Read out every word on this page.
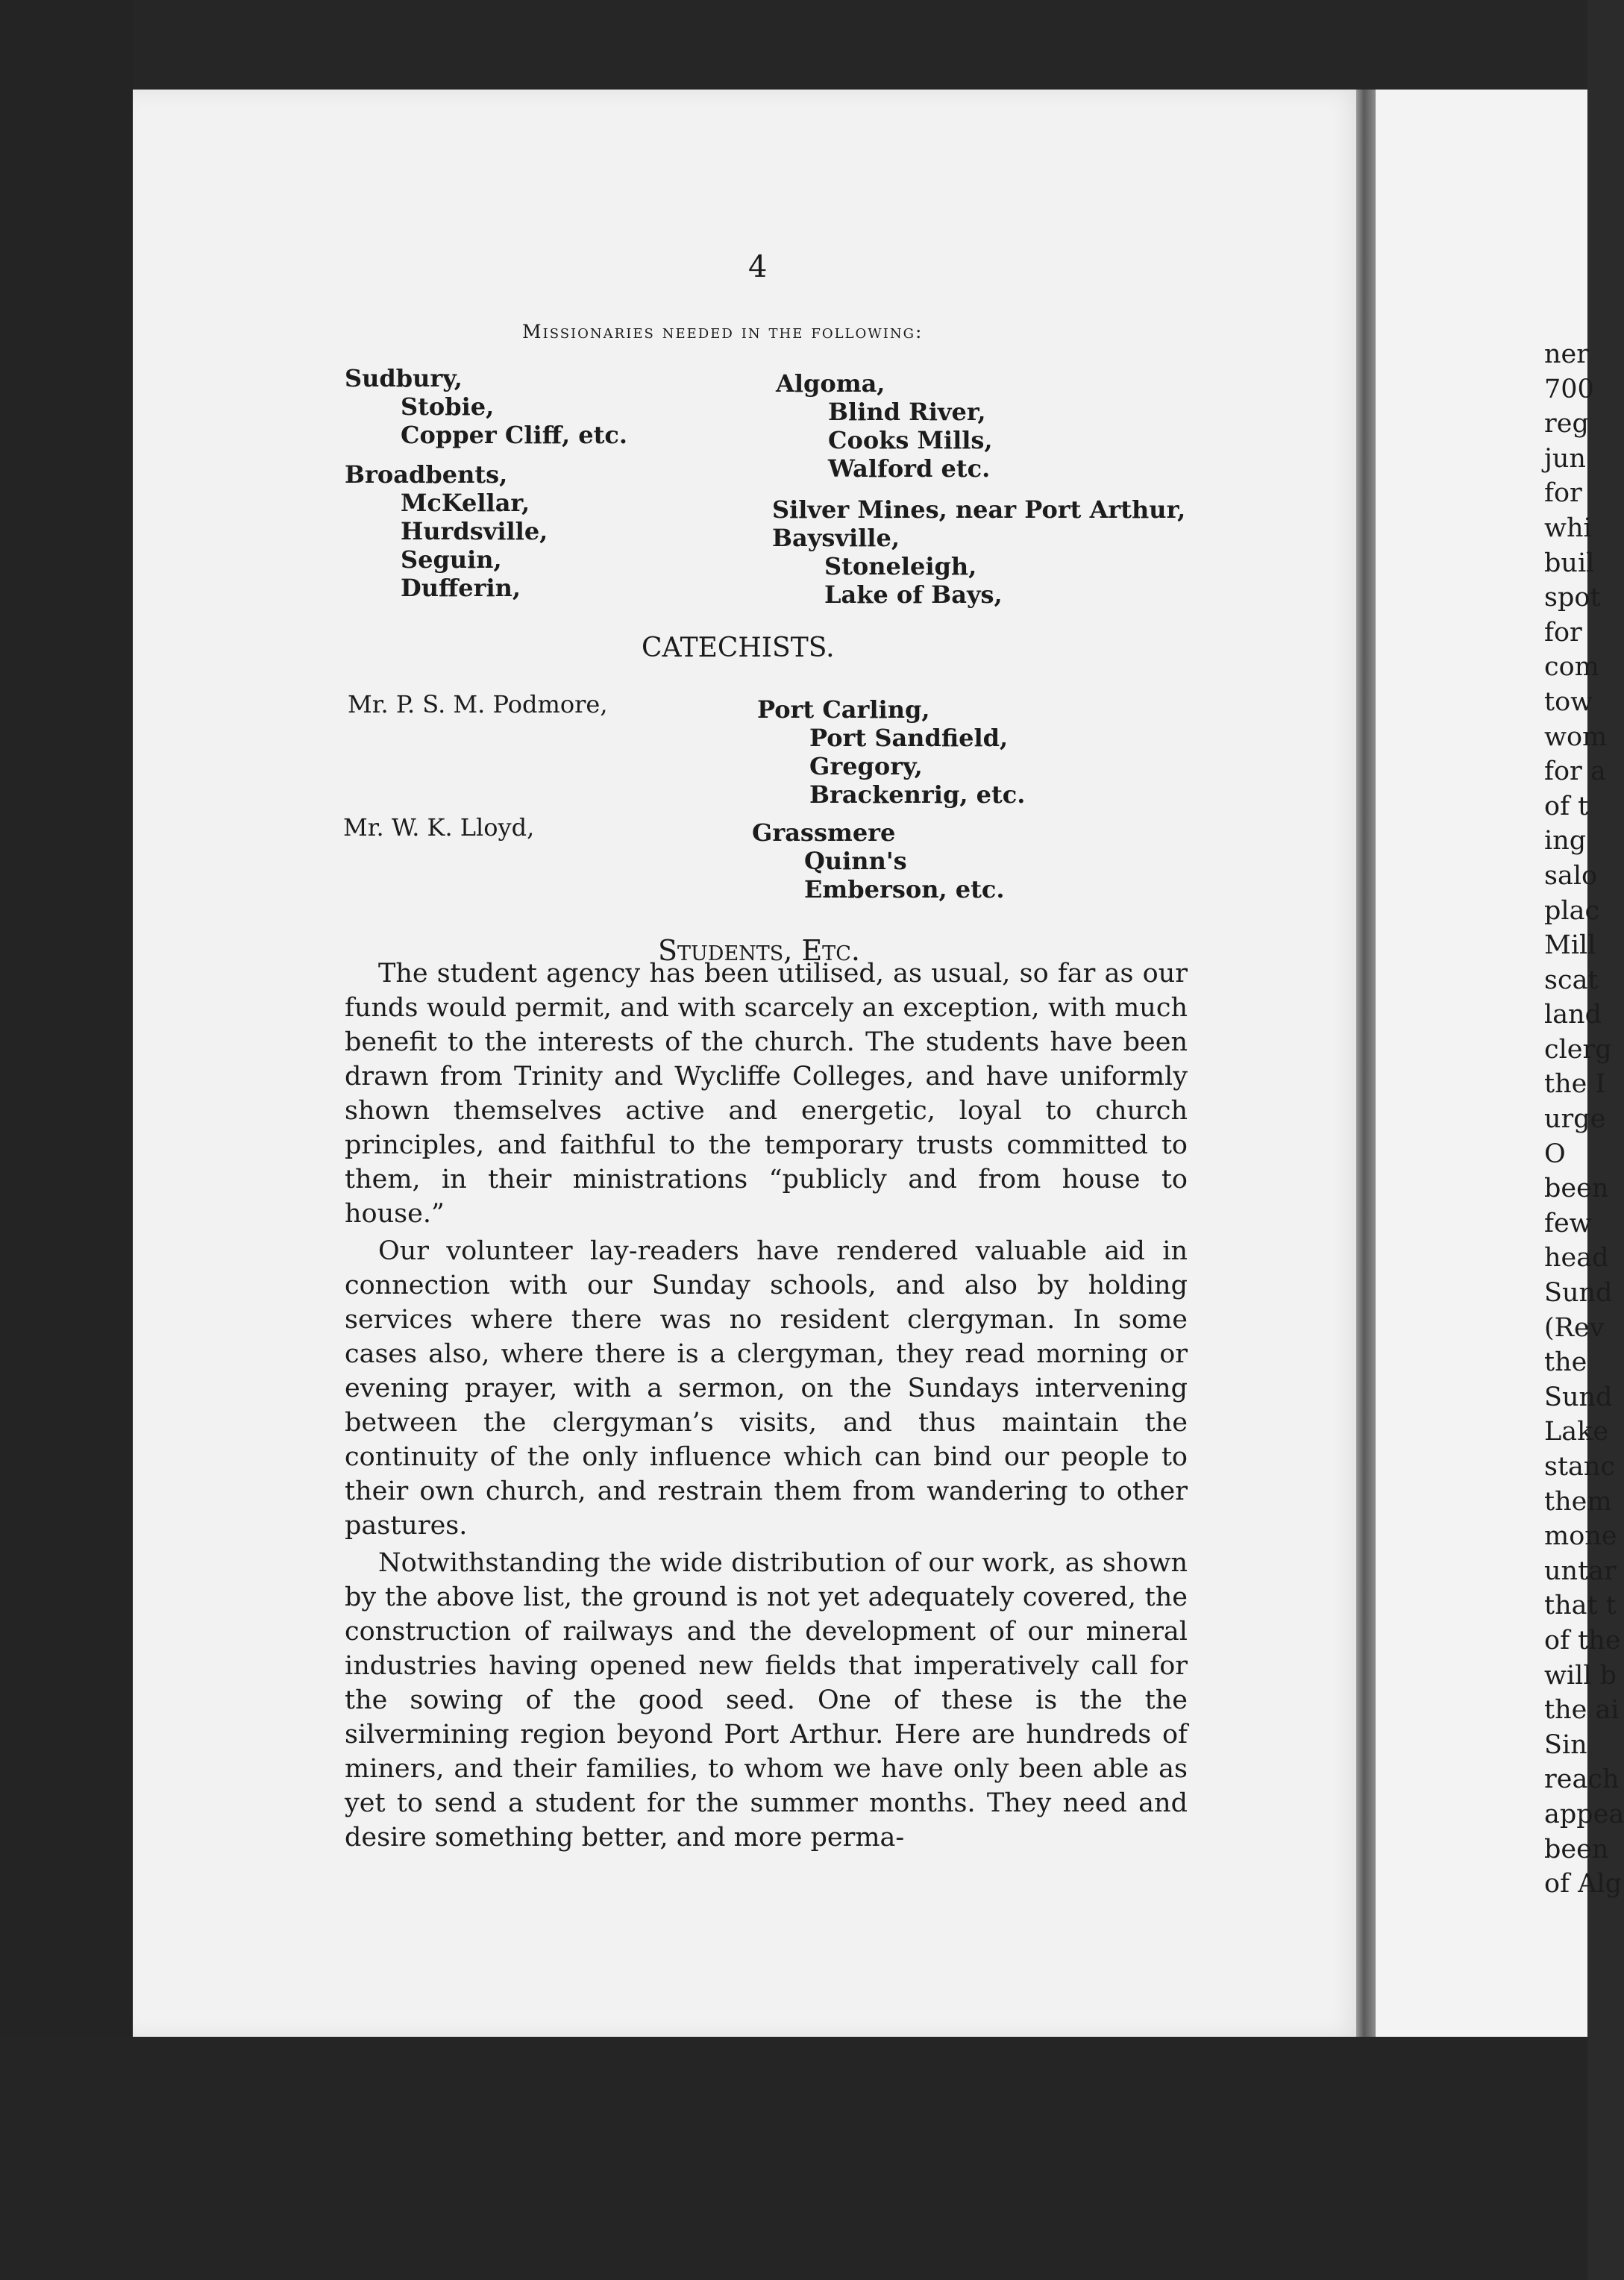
4
Missionaries needed in the following:
Sudbury,
Stobie,
Copper Cliff, etc.
Broadbents,
McKellar,
Hurdsville,
Seguin,
Dufferin,
Algoma,
Blind River,
Cooks Mills,
Walford etc.
Silver Mines, near Port Arthur,
Baysville,
Stoneleigh,
Lake of Bays,
CATECHISTS.
Mr. P. S. M. Podmore,	Port Carling,
Port Sandfield,
Gregory,
Brackenrig, etc.
Mr. W. K. Lloyd,	Grassmere
Quinn's
Emberson, etc.
Students, Etc.

The student agency has been utilised, as usual, so far as our funds would permit, and with scarcely an exception, with much benefit to the interests of the church. The students have been drawn from Trinity and Wycliffe Colleges, and have uniformly shown themselves active and energetic, loyal to church principles, and faithful to the temporary trusts committed to them, in their ministrations “publicly and from house to house.”

Our volunteer lay-readers have rendered valuable aid in connection with our Sunday schools, and also by holding services where there was no resident clergyman. In some cases also, where there is a clergyman, they read morning or evening prayer, with a sermon, on the Sundays intervening between the clergyman’s visits, and thus maintain the continuity of the only influence which can bind our people to their own church, and restrain them from wandering to other pastures.

Notwithstanding the wide distribution of our work, as shown by the above list, the ground is not yet adequately covered, the construction of railways and the development of our mineral industries having opened new fields that imperatively call for the sowing of the good seed. One of these is the the silvermining region beyond Port Arthur. Here are hundreds of miners, and their families, to whom we have only been able as yet to send a student for the summer months. They need and desire something better, and more perma-

ner
700
reg
jun
for
whi
buil
spot
for
com
tow
wom
for a
of t
ing
salo
plac
Mill
scat
land
clerg
the I
urge
O
been
few
head
Sund
(Rev
the
Sund
Lake
stanc
them
mone
untar
that t
of the
will b
the ai
Sin
reach
appea
been
of Alg
